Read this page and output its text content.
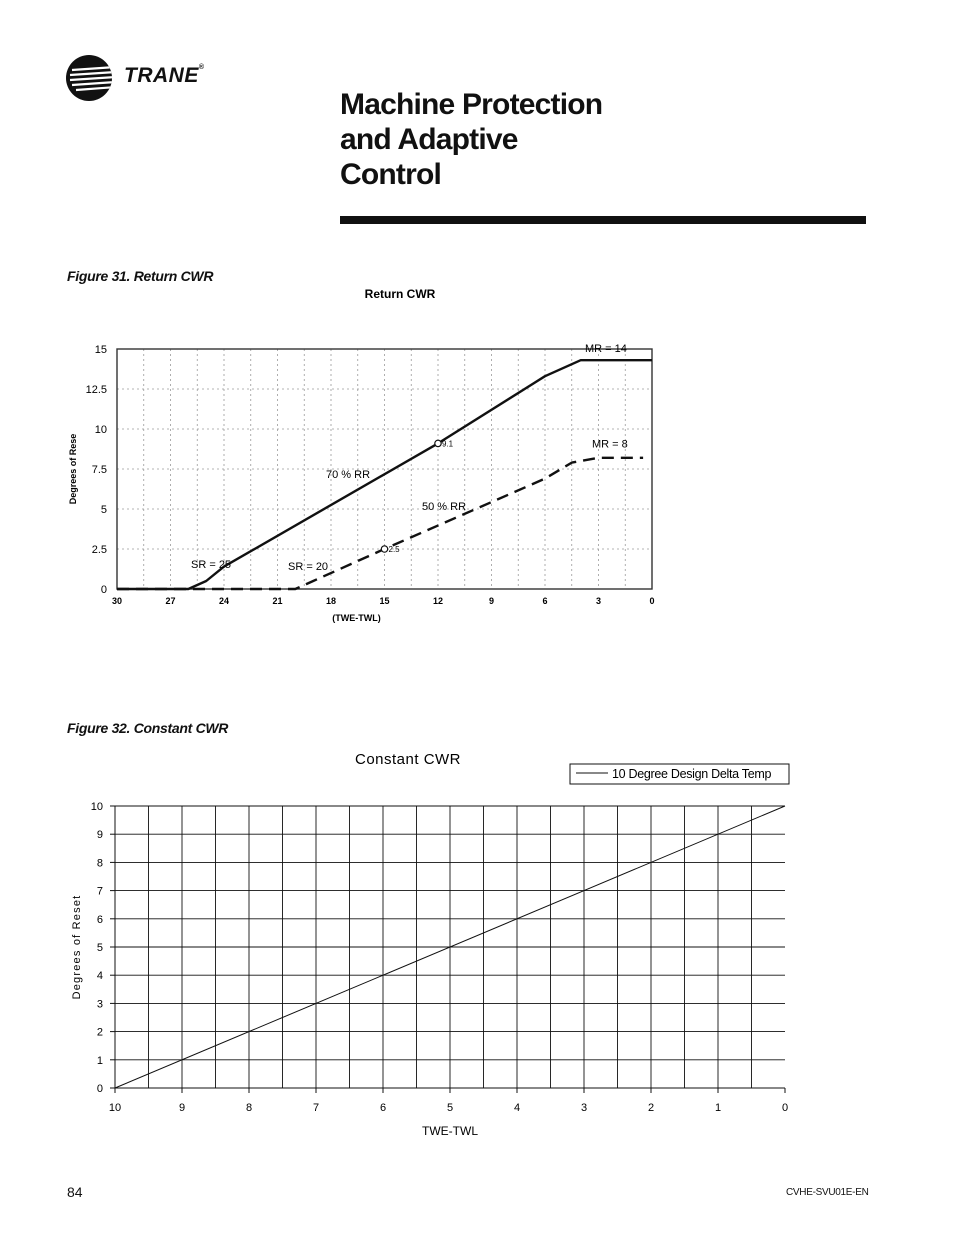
TRANE®
Machine Protection
and Adaptive
Control
Figure 31. Return CWR
Return CWR
15
12.5
10
7.5
5
2.5
0
30	27	24	21	18	15	12	9	6	3	0
(TWE-TWL)
Degrees of Rese	9.1
2.5
MR = 14
MR = 8
SR = 25	SR = 20
70 % RR
50 % RR
Figure 32. Constant CWR
Constant CWR
10 Degree Design Delta Temp
10
9
8
7
6
5
4
3
2
1
0
10	9	8	7	6	5	4	3	2	1	0
TWE-TWL
Degrees of Reset
84	CVHE-SVU01E-EN
